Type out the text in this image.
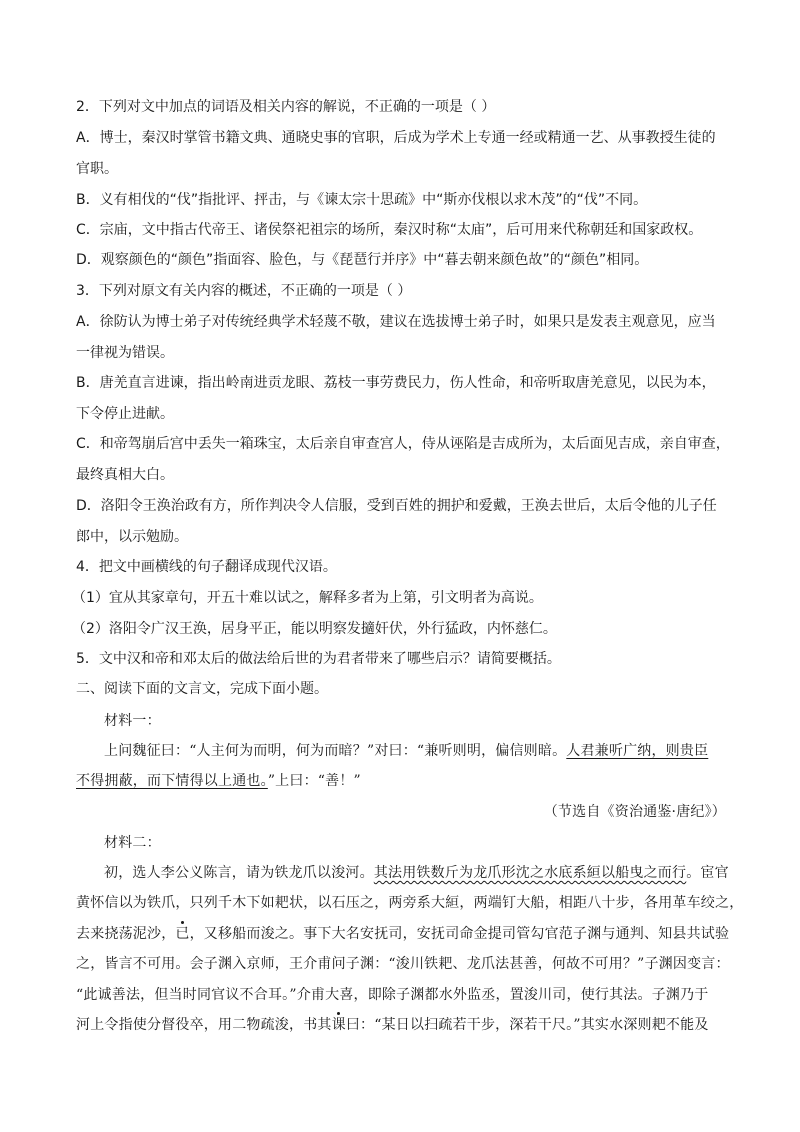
2．下列对文中加点的词语及相关内容的解说，不正确的一项是（ ）
A．博士，秦汉时掌管书籍文典、通晓史事的官职，后成为学术上专通一经或精通一艺、从事教授生徒的
官职。
B．义有相伐的“伐”指批评、抨击，与《谏太宗十思疏》中“斯亦伐根以求木茂”的“伐”不同。
C．宗庙，文中指古代帝王、诸侯祭祀祖宗的场所，秦汉时称“太庙”，后可用来代称朝廷和国家政权。
D．观察颜色的“颜色”指面容、脸色，与《琵琶行并序》中“暮去朝来颜色故”的“颜色”相同。
3．下列对原文有关内容的概述，不正确的一项是（ ）
A．徐防认为博士弟子对传统经典学术轻蔑不敬，建议在选拔博士弟子时，如果只是发表主观意见，应当
一律视为错误。
B．唐羌直言进谏，指出岭南进贡龙眼、荔枝一事劳费民力，伤人性命，和帝听取唐羌意见，以民为本，
下令停止进献。
C．和帝驾崩后宫中丢失一箱珠宝，太后亲自审查宫人，侍从诬陷是吉成所为，太后面见吉成，亲自审查，
最终真相大白。
D．洛阳令王涣治政有方，所作判决令人信服，受到百姓的拥护和爱戴，王涣去世后，太后令他的儿子任
郎中，以示勉励。
4．把文中画横线的句子翻译成现代汉语。
（1）宜从其家章句，开五十难以试之，解释多者为上第，引文明者为高说。
（2）洛阳令广汉王涣，居身平正，能以明察发擿奸伏，外行猛政，内怀慈仁。
5．文中汉和帝和邓太后的做法给后世的为君者带来了哪些启示？请简要概括。
二、阅读下面的文言文，完成下面小题。
材料一：
上问魏征曰：“人主何为而明，何为而暗？”对曰：“兼听则明，偏信则暗。人君兼听广纳，则贵臣
不得拥蔽，而下情得以上通也。”上曰：“善！”
（节选自《资治通鉴·唐纪》）
材料二：
初，选人李公义陈言，请为铁龙爪以浚河。其法用铁数斤为龙爪形沈之水底系絙以船曳之而行。宦官
黄怀信以为铁爪，只列千木下如耙状，以石压之，两旁系大絙，两端钉大船，相距八十步，各用革车绞之，
去来挠荡泥沙，已，又移船而浚之。事下大名安抚司，安抚司命金提司管勾官范子渊与通判、知县共试验
之，皆言不可用。会子渊入京师，王介甫问子渊：“浚川铁耙、龙爪法甚善，何故不可用？”子渊因变言：
“此诚善法，但当时同官议不合耳。”介甫大喜，即除子渊都水外监丞，置浚川司，使行其法。子渊乃于
河上令指使分督役卒，用二物疏浚，书其课曰：“某日以扫疏若干步，深若干尺。”其实水深则耙不能及
